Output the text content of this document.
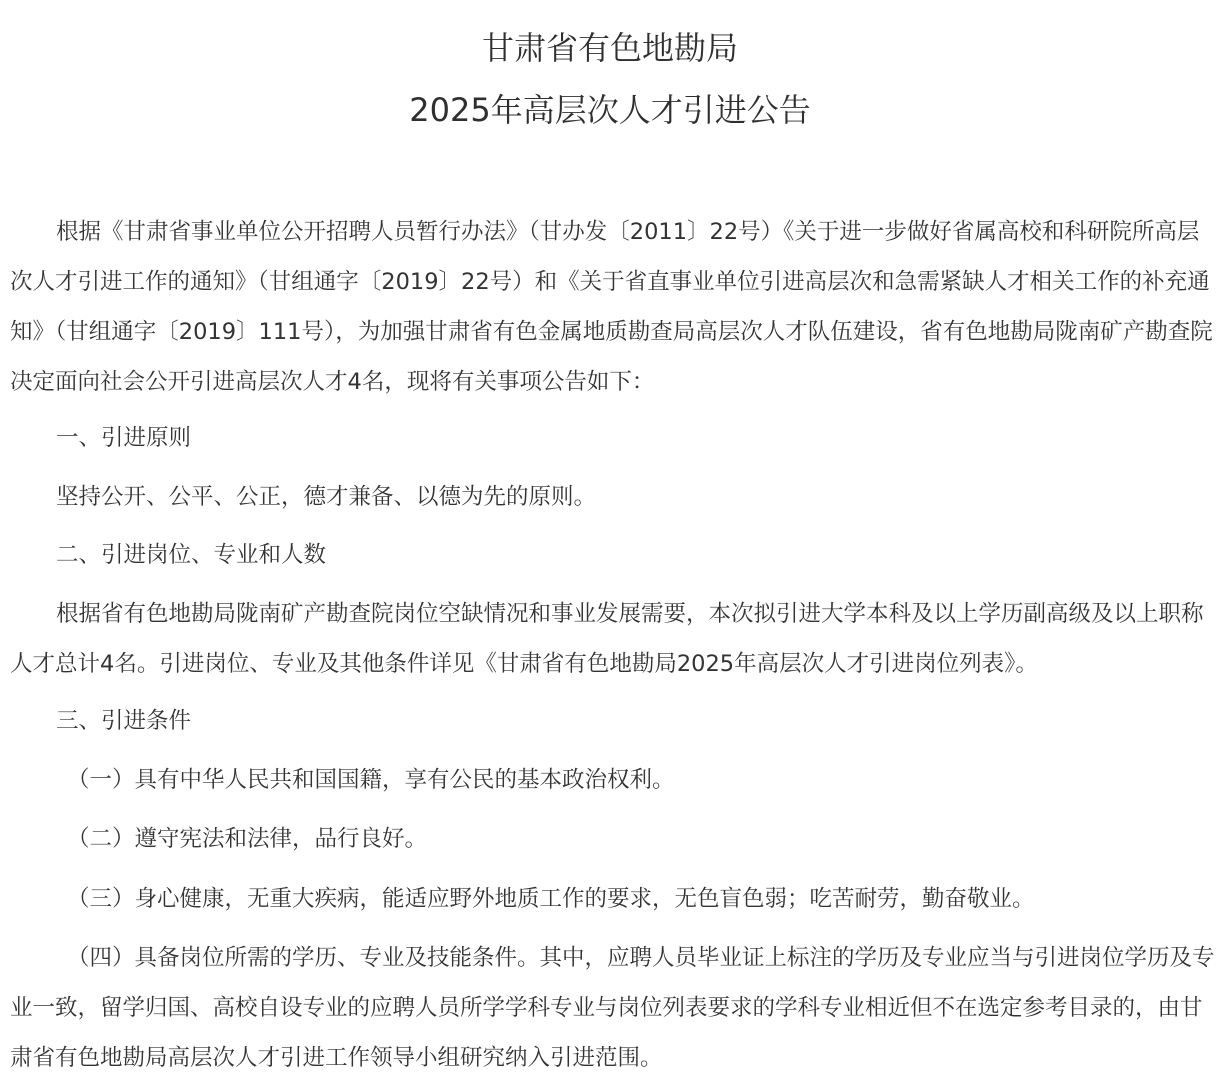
甘肃省有色地勘局
2025年高层次人才引进公告

根据《甘肃省事业单位公开招聘人员暂行办法》（甘办发〔2011〕22号）《关于进一步做好省属高校和科研院所高层次人才引进工作的通知》（甘组通字〔2019〕22号）和《关于省直事业单位引进高层次和急需紧缺人才相关工作的补充通知》（甘组通字〔2019〕111号），为加强甘肃省有色金属地质勘查局高层次人才队伍建设，省有色地勘局陇南矿产勘查院决定面向社会公开引进高层次人才4名，现将有关事项公告如下：

一、引进原则

坚持公开、公平、公正，德才兼备、以德为先的原则。

二、引进岗位、专业和人数

根据省有色地勘局陇南矿产勘查院岗位空缺情况和事业发展需要，本次拟引进大学本科及以上学历副高级及以上职称人才总计4名。引进岗位、专业及其他条件详见《甘肃省有色地勘局2025年高层次人才引进岗位列表》。

三、引进条件

（一）具有中华人民共和国国籍，享有公民的基本政治权利。

（二）遵守宪法和法律，品行良好。

（三）身心健康，无重大疾病，能适应野外地质工作的要求，无色盲色弱；吃苦耐劳，勤奋敬业。

（四）具备岗位所需的学历、专业及技能条件。其中，应聘人员毕业证上标注的学历及专业应当与引进岗位学历及专业一致，留学归国、高校自设专业的应聘人员所学学科专业与岗位列表要求的学科专业相近但不在选定参考目录的，由甘肃省有色地勘局高层次人才引进工作领导小组研究纳入引进范围。
